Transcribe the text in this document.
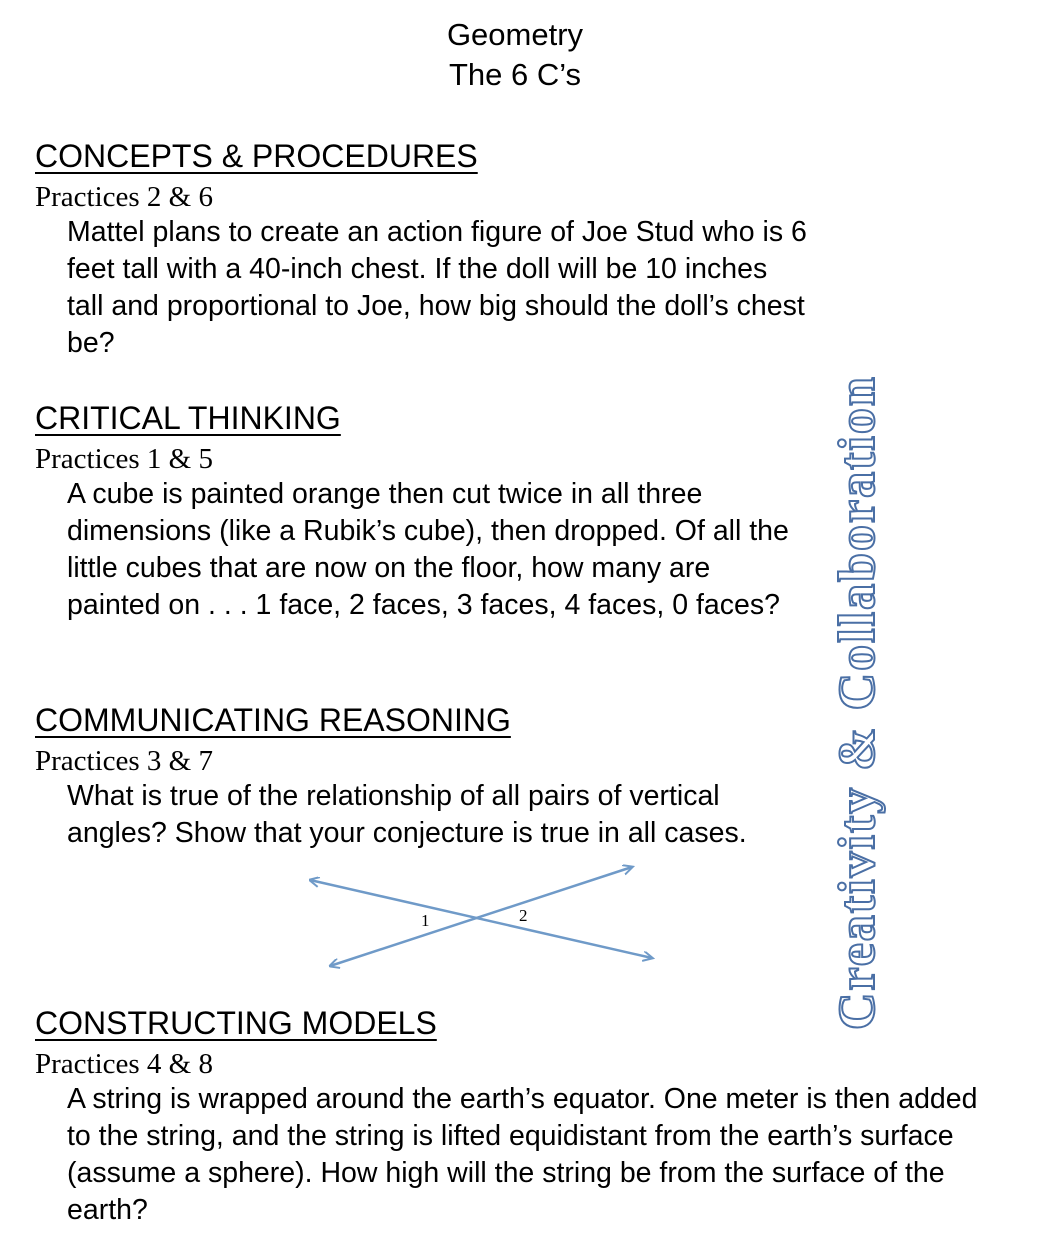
Geometry
The 6 C’s
CONCEPTS & PROCEDURES
Practices 2 & 6
Mattel plans to create an action figure of Joe Stud who is 6 feet tall with a 40-inch chest. If the doll will be 10 inches tall and proportional to Joe, how big should the doll’s chest be?
CRITICAL THINKING
Practices 1 & 5
A cube is painted orange then cut twice in all three dimensions (like a Rubik’s cube), then dropped. Of all the little cubes that are now on the floor, how many are painted on . . . 1 face, 2 faces, 3 faces, 4 faces, 0 faces?
COMMUNICATING REASONING
Practices 3 & 7
What is true of the relationship of all pairs of vertical angles? Show that your conjecture is true in all cases.
1	2
CONSTRUCTING MODELS
Practices 4 & 8
A string is wrapped around the earth’s equator. One meter is then added to the string, and the string is lifted equidistant from the earth’s surface (assume a sphere). How high will the string be from the surface of the earth?
Creativity & Collaboration
